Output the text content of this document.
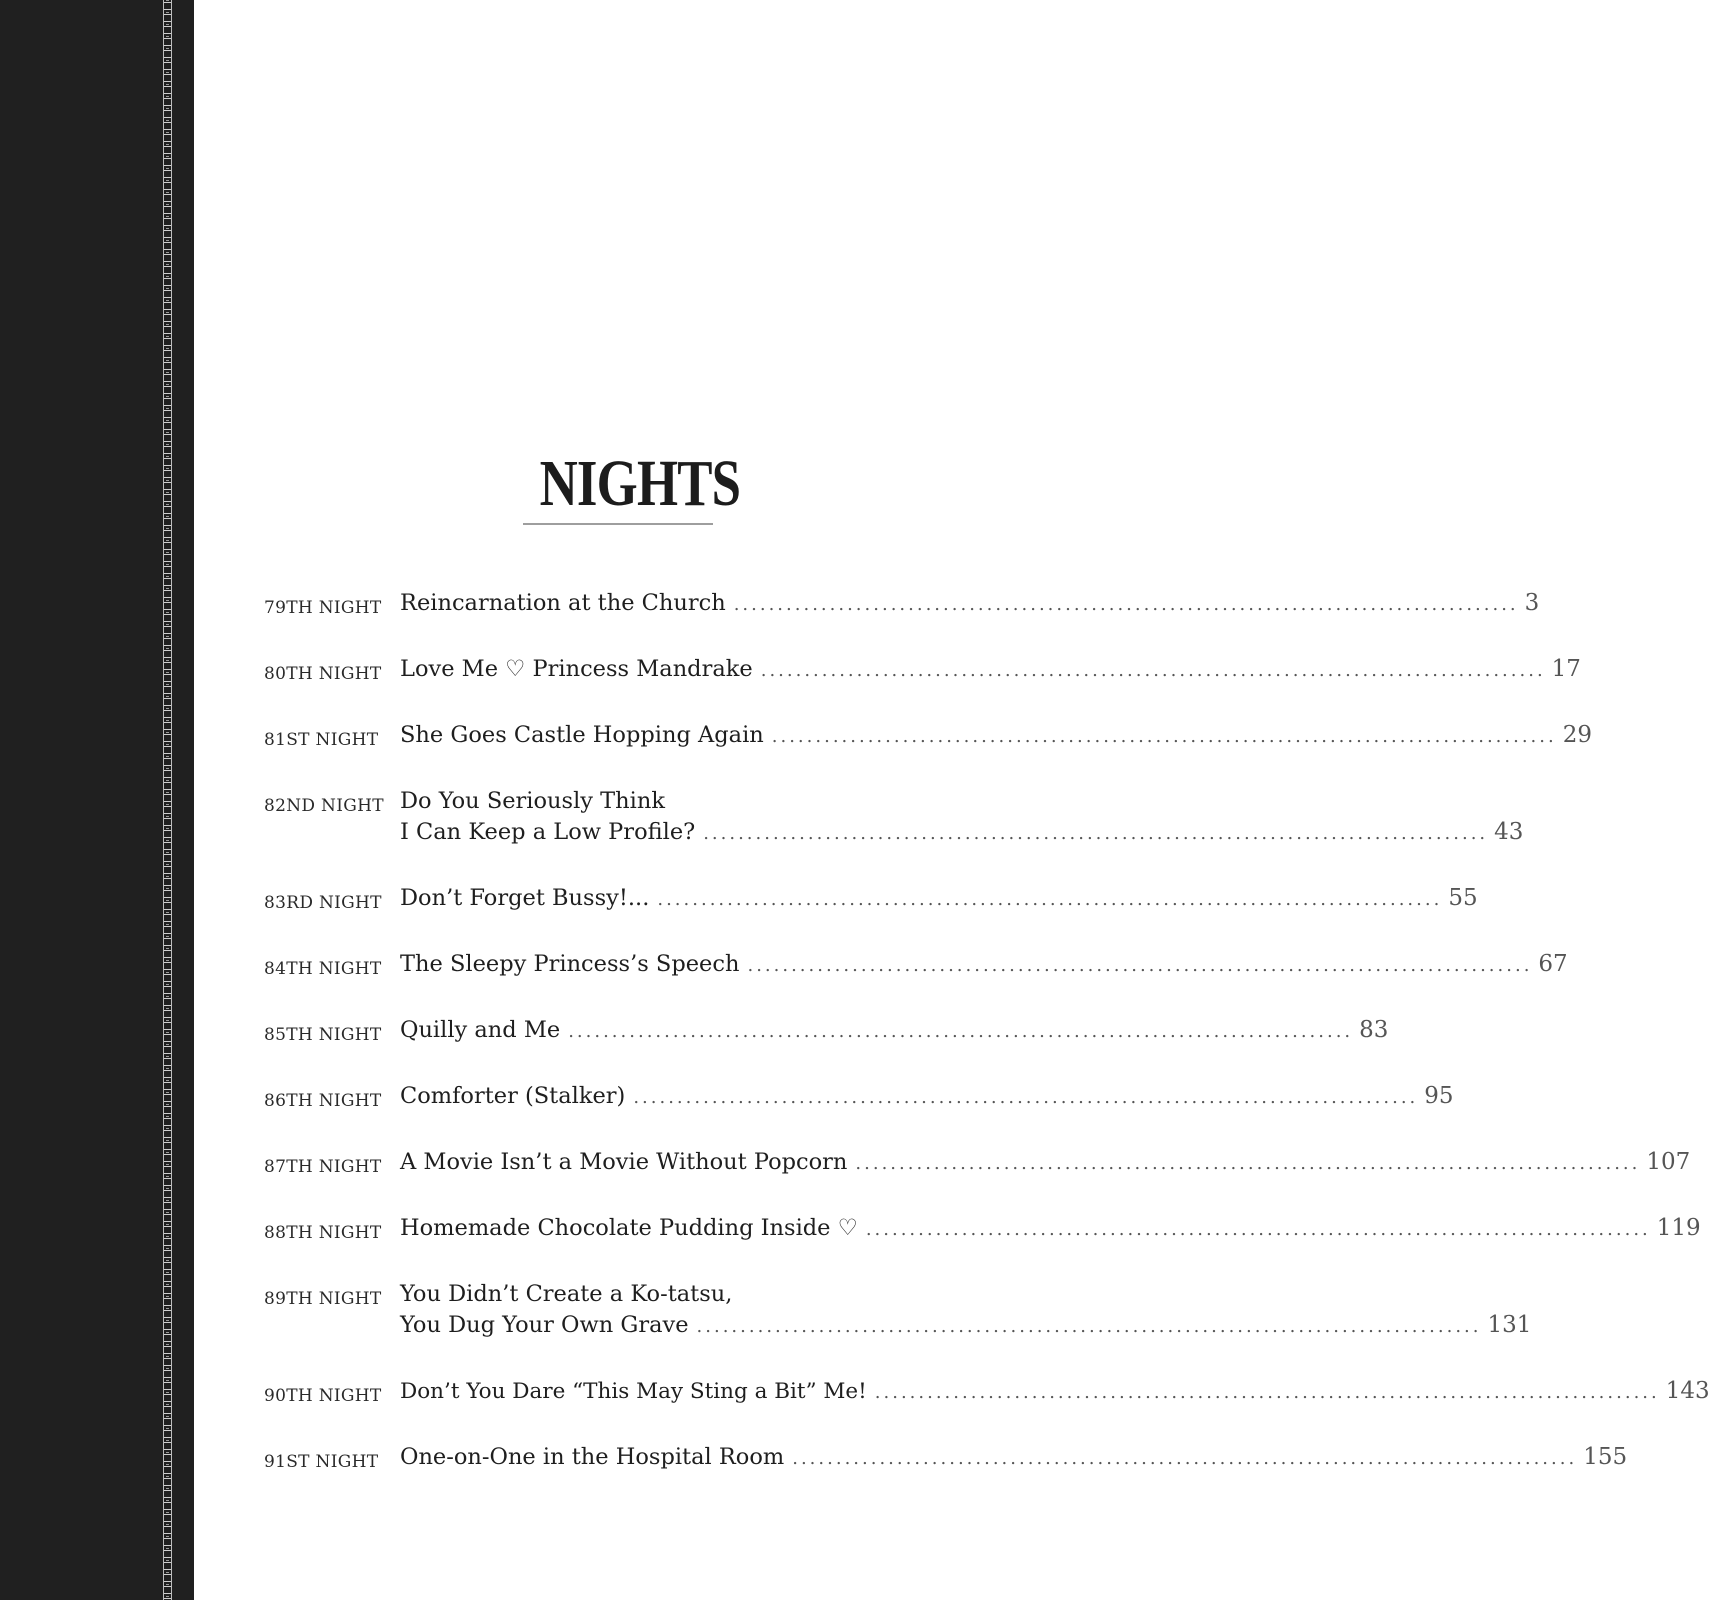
NIGHTS
79TH NIGHT Reincarnation at the Church .......................................................................................... 3
80TH NIGHT Love Me ♡ Princess Mandrake .......................................................................................... 17
81ST NIGHT She Goes Castle Hopping Again .......................................................................................... 29
82ND NIGHT Do You Seriously Think
I Can Keep a Low Profile? .......................................................................................... 43
83RD NIGHT Don’t Forget Bussy!... .......................................................................................... 55
84TH NIGHT The Sleepy Princess’s Speech .......................................................................................... 67
85TH NIGHT Quilly and Me .......................................................................................... 83
86TH NIGHT Comforter (Stalker) .......................................................................................... 95
87TH NIGHT A Movie Isn’t a Movie Without Popcorn .......................................................................................... 107
88TH NIGHT Homemade Chocolate Pudding Inside ♡ .......................................................................................... 119
89TH NIGHT You Didn’t Create a Ko-tatsu,
You Dug Your Own Grave .......................................................................................... 131
90TH NIGHT Don’t You Dare “This May Sting a Bit” Me! .......................................................................................... 143
91ST NIGHT One-on-One in the Hospital Room .......................................................................................... 155
